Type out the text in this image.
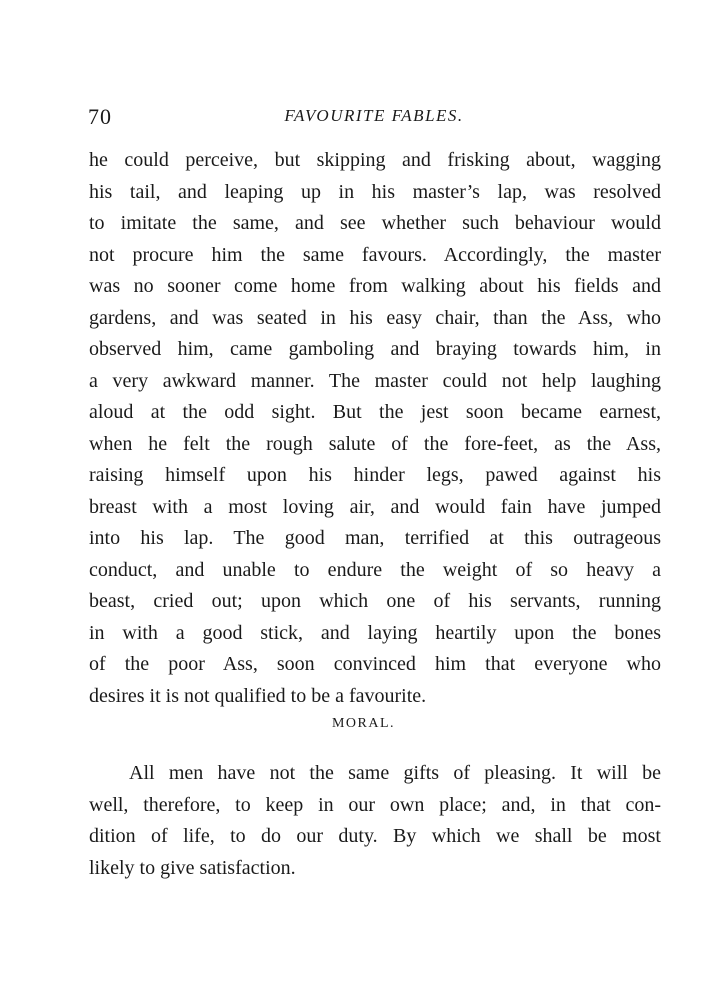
70	FAVOURITE FABLES.
he could perceive, but skipping and frisking about, wagging
his tail, and leaping up in his master’s lap, was resolved
to imitate the same, and see whether such behaviour would
not procure him the same favours. Accordingly, the master
was no sooner come home from walking about his fields and
gardens, and was seated in his easy chair, than the Ass, who
observed him, came gamboling and braying towards him, in
a very awkward manner. The master could not help laughing
aloud at the odd sight. But the jest soon became earnest,
when he felt the rough salute of the fore-feet, as the Ass,
raising himself upon his hinder legs, pawed against his
breast with a most loving air, and would fain have jumped
into his lap. The good man, terrified at this outrageous
conduct, and unable to endure the weight of so heavy a
beast, cried out; upon which one of his servants, running
in with a good stick, and laying heartily upon the bones
of the poor Ass, soon convinced him that everyone who
desires it is not qualified to be a favourite.
MORAL.
All men have not the same gifts of pleasing. It will be
well, therefore, to keep in our own place; and, in that con-
dition of life, to do our duty. By which we shall be most
likely to give satisfaction.
